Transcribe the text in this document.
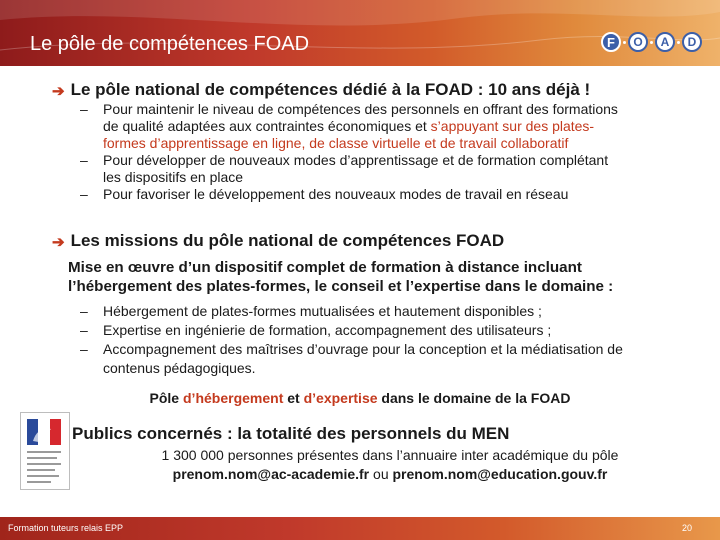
Le pôle de compétences FOAD	F	O	A	D
➔ Le pôle national de compétences dédié à la FOAD : 10 ans déjà !
– Pour maintenir le niveau de compétences des personnels en offrant des formations
de qualité adaptées aux contraintes économiques et s’appuyant sur des plates-
formes d’apprentissage en ligne, de classe virtuelle et de travail collaboratif
– Pour développer de nouveaux modes d’apprentissage et de formation complétant
les dispositifs en place
– Pour favoriser le développement des nouveaux modes de travail en réseau
➔ Les missions du pôle national de compétences FOAD
Mise en œuvre d’un dispositif complet de formation à distance incluant
l’hébergement des plates-formes, le conseil et l’expertise dans le domaine :
– Hébergement de plates-formes mutualisées et hautement disponibles ;
– Expertise en ingénierie de formation, accompagnement des utilisateurs ;
– Accompagnement des maîtrises d’ouvrage pour la conception et la médiatisation de
contenus pédagogiques.
Pôle d’hébergement et d’expertise dans le domaine de la FOAD
Publics concernés : la totalité des personnels du MEN
1 300 000 personnes présentes dans l’annuaire inter académique du pôle
prenom.nom@ac-academie.fr ou prenom.nom@education.gouv.fr
Formation tuteurs relais EPP	20
